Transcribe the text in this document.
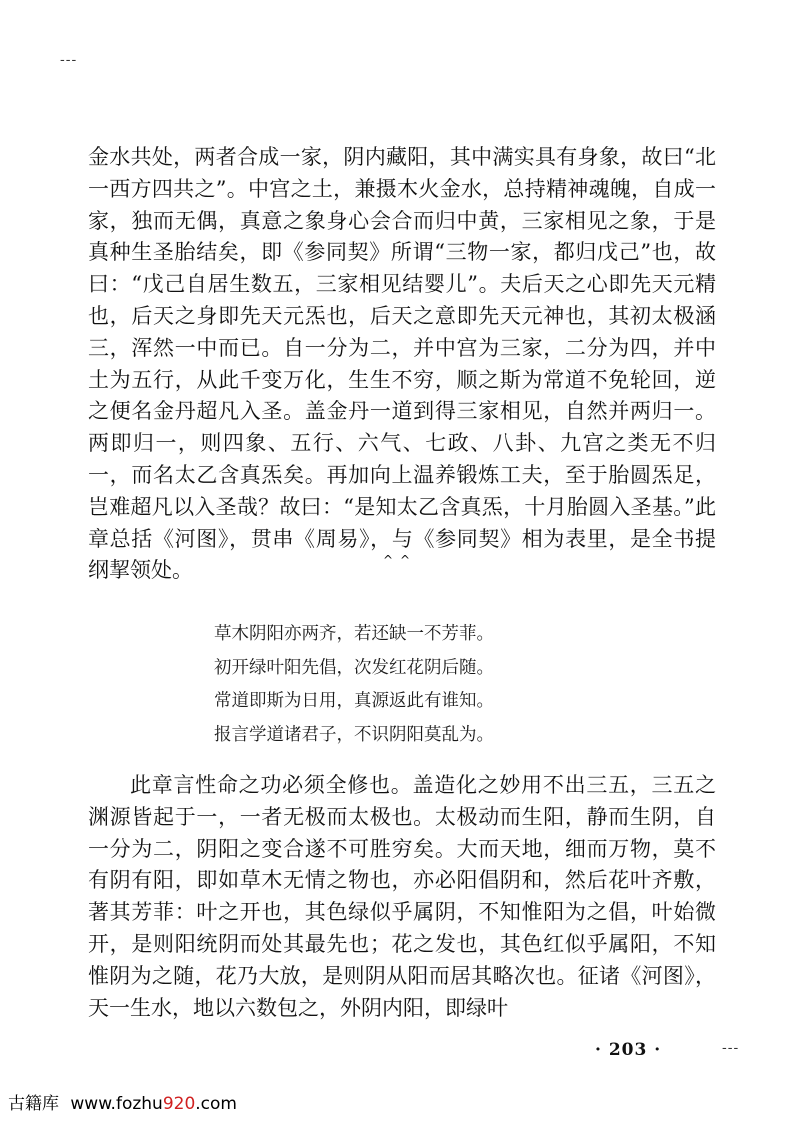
---
金水共处，两者合成一家，阴内藏阳，其中满实具有身象，故曰“北一西方四共之”。中宫之土，兼摄木火金水，总持精神魂魄，自成一家，独而无偶，真意之象身心会合而归中黄，三家相见之象，于是真种生圣胎结矣，即《参同契》所谓“三物一家，都归戊己”也，故曰：“戊己自居生数五，三家相见结婴儿”。夫后天之心即先天元精也，后天之身即先天元炁也，后天之意即先天元神也，其初太极涵三，浑然一中而已。自一分为二，并中宫为三家，二分为四，并中土为五行，从此千变万化，生生不穷，顺之斯为常道不免轮回，逆之便名金丹超凡入圣。盖金丹一道到得三家相见，自然并两归一。两即归一，则四象、五行、六气、七政、八卦、九宫之类无不归一，而名太乙含真炁矣。再加向上温养锻炼工夫，至于胎圆炁足，岂难超凡以入圣哉？故曰：“是知太乙含真炁，十月胎圆入圣基。”此章总括《河图》，贯串《周易》，与《参同契》相为表里，是全书提纲挈领处。	^ ^
草木阴阳亦两齐，若还缺一不芳菲。
初开绿叶阳先倡，次发红花阴后随。
常道即斯为日用，真源返此有谁知。
报言学道诸君子，不识阴阳莫乱为。
此章言性命之功必须全修也。盖造化之妙用不出三五，三五之渊源皆起于一，一者无极而太极也。太极动而生阳，静而生阴，自一分为二，阴阳之变合遂不可胜穷矣。大而天地，细而万物，莫不有阴有阳，即如草木无情之物也，亦必阳倡阴和，然后花叶齐敷，著其芳菲：叶之开也，其色绿似乎属阴，不知惟阳为之倡，叶始微开，是则阳统阴而处其最先也；花之发也，其色红似乎属阳，不知惟阴为之随，花乃大放，是则阴从阳而居其略次也。征诸《河图》，天一生水，地以六数包之，外阴内阳，即绿叶
· 203 ·	---
古籍库 www.fozhu920.com
